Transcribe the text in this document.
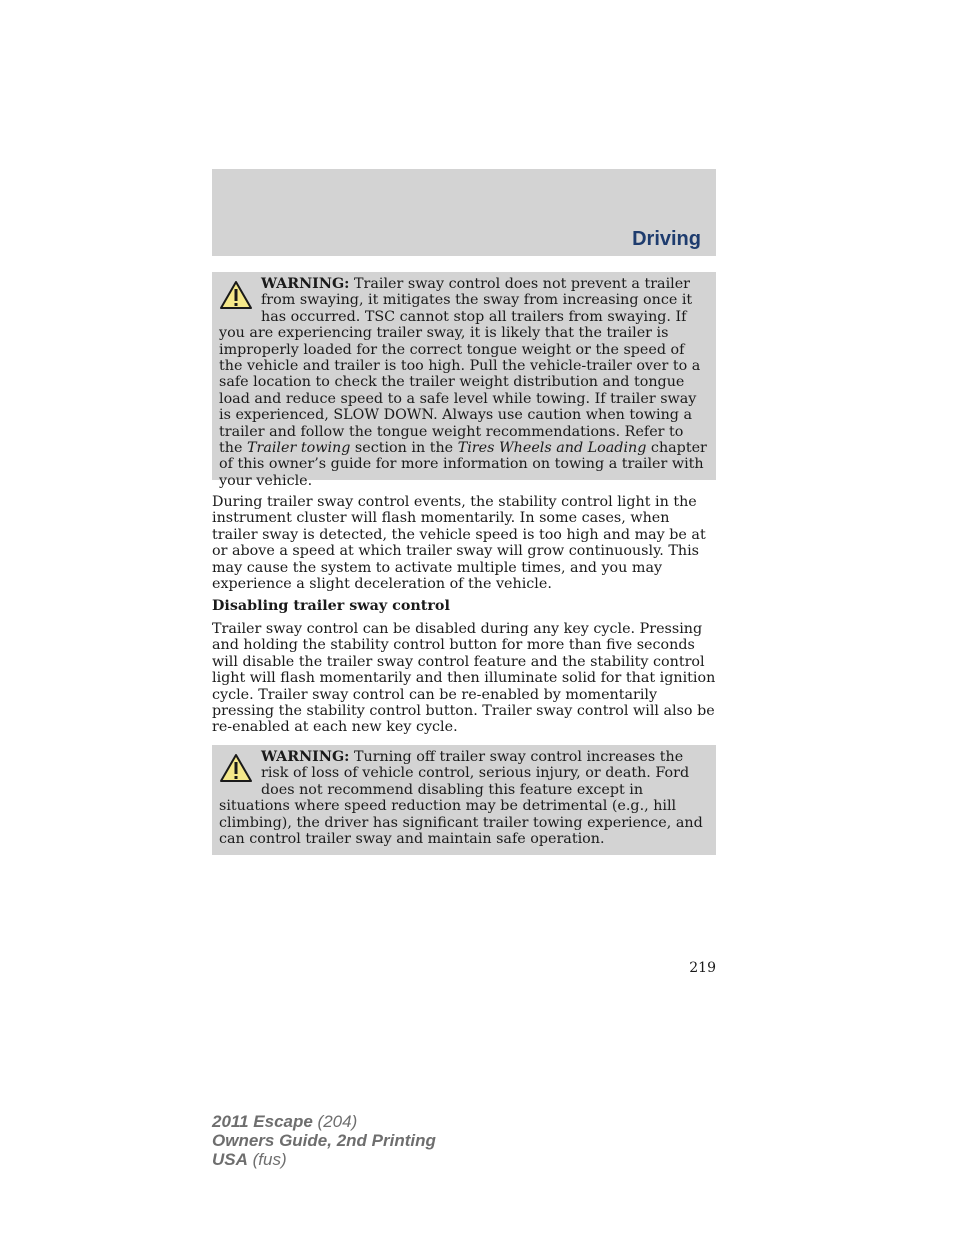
Driving
WARNING: Trailer sway control does not prevent a trailer from swaying, it mitigates the sway from increasing once it has occurred. TSC cannot stop all trailers from swaying. If you are experiencing trailer sway, it is likely that the trailer is improperly loaded for the correct tongue weight or the speed of the vehicle and trailer is too high. Pull the vehicle-trailer over to a safe location to check the trailer weight distribution and tongue load and reduce speed to a safe level while towing. If trailer sway is experienced, SLOW DOWN. Always use caution when towing a trailer and follow the tongue weight recommendations. Refer to the Trailer towing section in the Tires Wheels and Loading chapter of this owner’s guide for more information on towing a trailer with your vehicle.
During trailer sway control events, the stability control light in the instrument cluster will flash momentarily. In some cases, when trailer sway is detected, the vehicle speed is too high and may be at or above a speed at which trailer sway will grow continuously. This may cause the system to activate multiple times, and you may experience a slight deceleration of the vehicle.
Disabling trailer sway control
Trailer sway control can be disabled during any key cycle. Pressing and holding the stability control button for more than five seconds will disable the trailer sway control feature and the stability control light will flash momentarily and then illuminate solid for that ignition cycle. Trailer sway control can be re-enabled by momentarily pressing the stability control button. Trailer sway control will also be re-enabled at each new key cycle.
WARNING: Turning off trailer sway control increases the risk of loss of vehicle control, serious injury, or death. Ford does not recommend disabling this feature except in situations where speed reduction may be detrimental (e.g., hill climbing), the driver has significant trailer towing experience, and can control trailer sway and maintain safe operation.
219
2011 Escape (204)
Owners Guide, 2nd Printing
USA (fus)
